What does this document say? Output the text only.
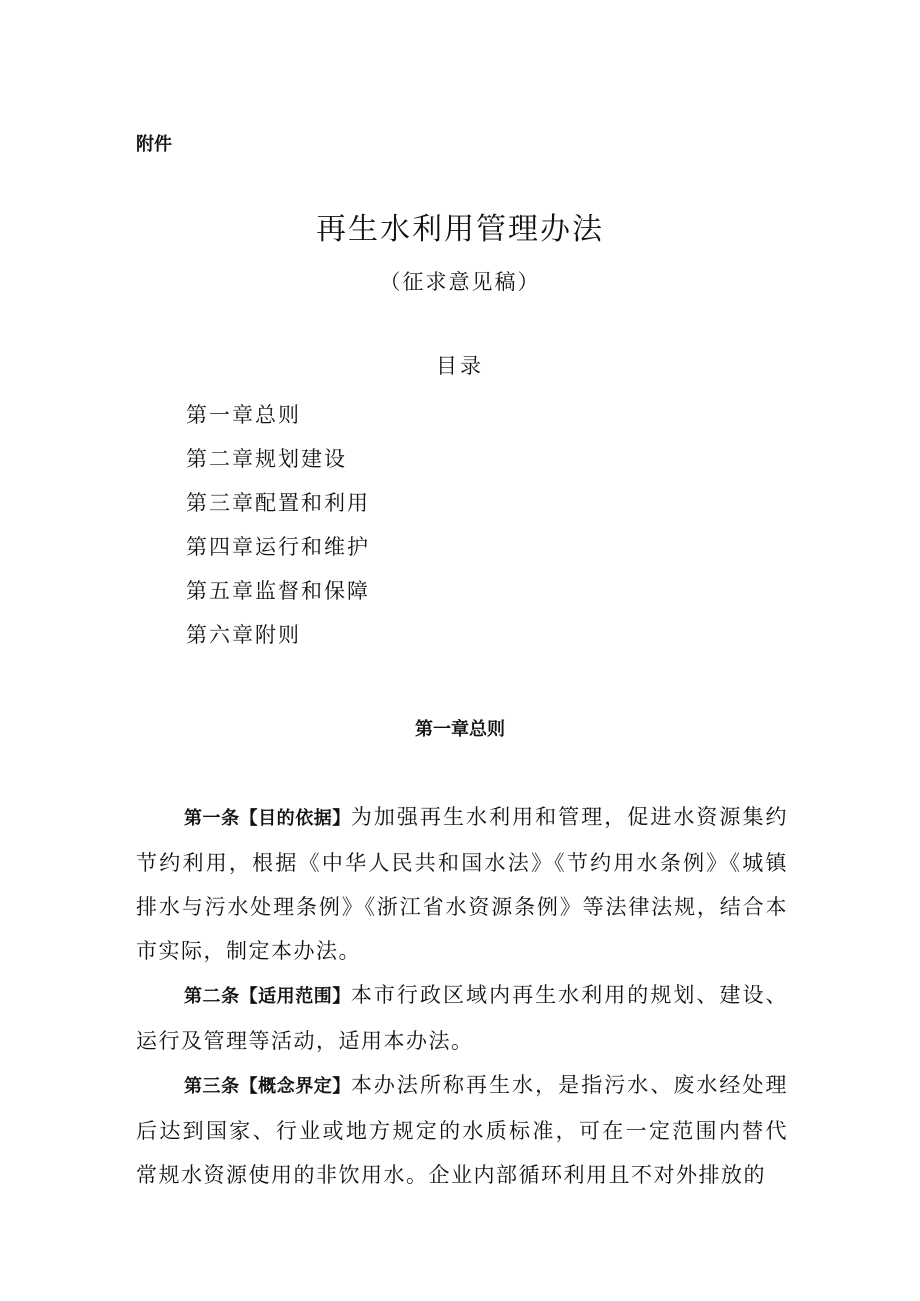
附件
再生水利用管理办法
（征求意见稿）
目录
第一章总则
第二章规划建设
第三章配置和利用
第四章运行和维护
第五章监督和保障
第六章附则
第一章总则

第一条【目的依据】为加强再生水利用和管理，促进水资源集约节约利用，根据《中华人民共和国水法》《节约用水条例》《城镇排水与污水处理条例》《浙江省水资源条例》等法律法规，结合本市实际，制定本办法。

第二条【适用范围】本市行政区域内再生水利用的规划、建设、运行及管理等活动，适用本办法。

第三条【概念界定】本办法所称再生水，是指污水、废水经处理后达到国家、行业或地方规定的水质标准，可在一定范围内替代常规水资源使用的非饮用水。企业内部循环利用且不对外排放的
